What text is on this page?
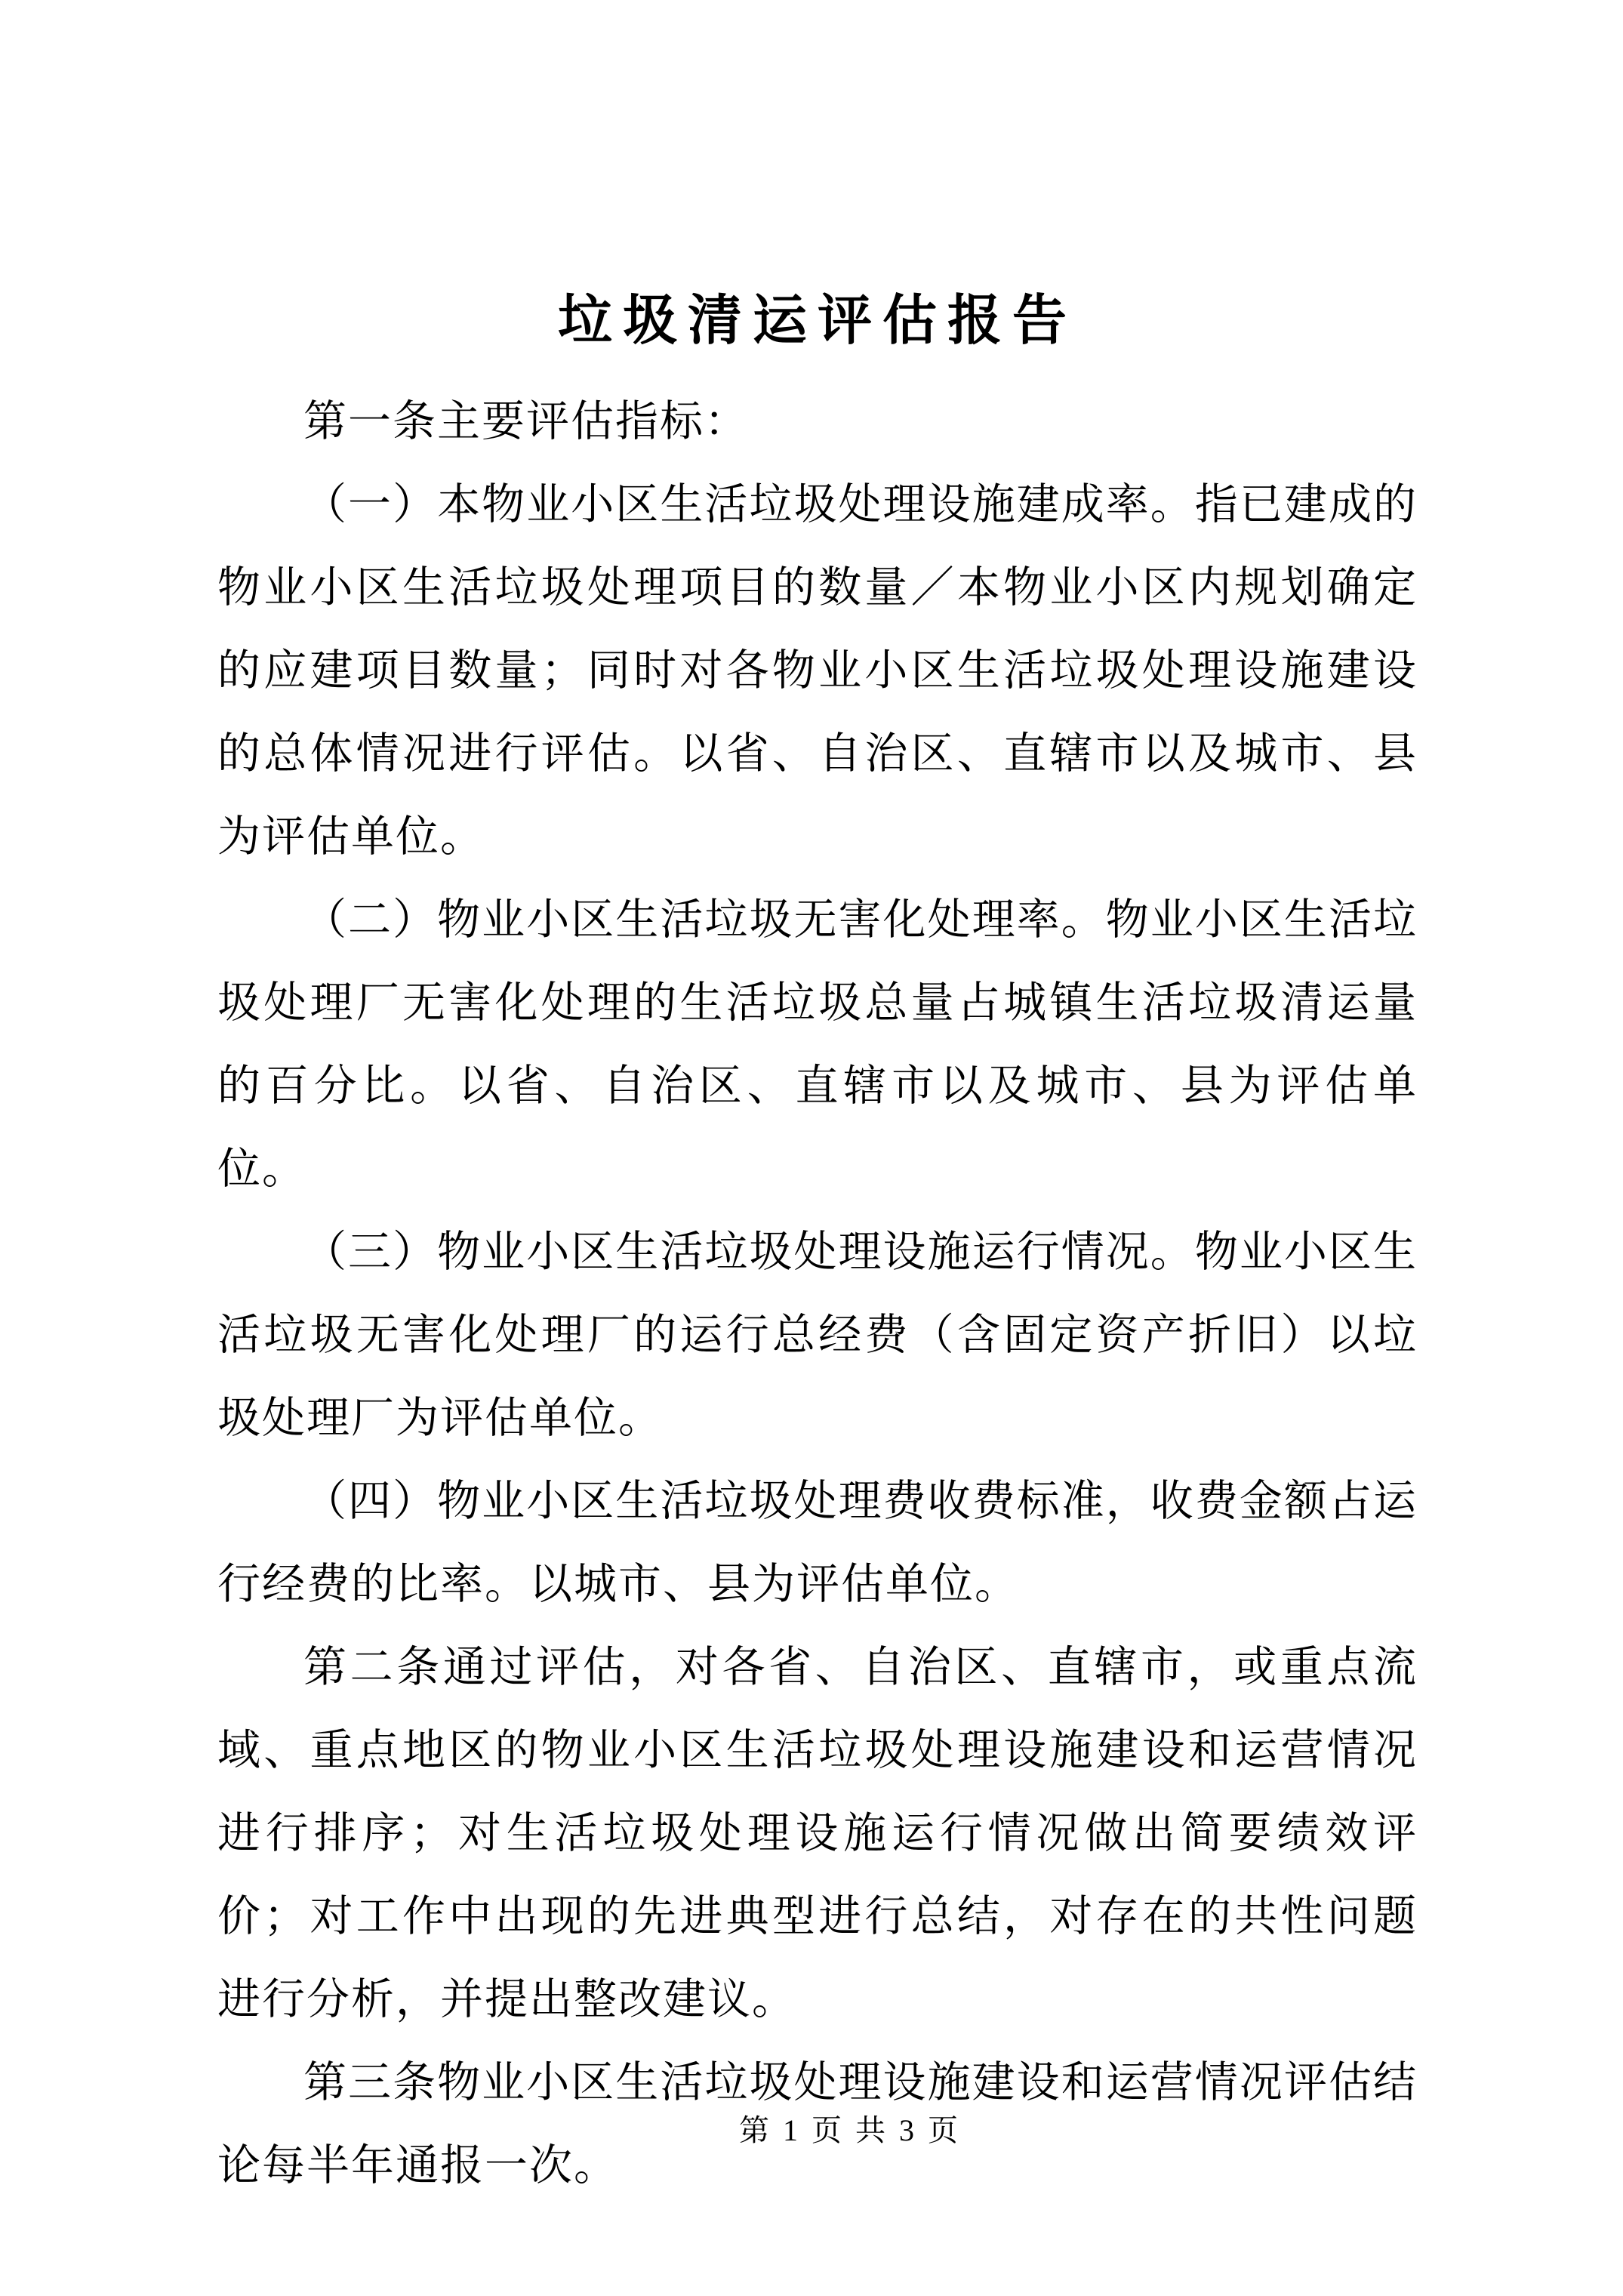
垃圾清运评估报告

第一条主要评估指标：

（一）本物业小区生活垃圾处理设施建成率。指已建成的物业小区生活垃圾处理项目的数量／本物业小区内规划确定的应建项目数量；同时对各物业小区生活垃圾处理设施建设的总体情况进行评估。以省、自治区、直辖市以及城市、县为评估单位。

（二）物业小区生活垃圾无害化处理率。物业小区生活垃圾处理厂无害化处理的生活垃圾总量占城镇生活垃圾清运量的百分比。以省、自治区、直辖市以及城市、县为评估单位。

（三）物业小区生活垃圾处理设施运行情况。物业小区生活垃圾无害化处理厂的运行总经费（含固定资产折旧）以垃圾处理厂为评估单位。

（四）物业小区生活垃圾处理费收费标准，收费金额占运行经费的比率。以城市、县为评估单位。

第二条通过评估，对各省、自治区、直辖市，或重点流域、重点地区的物业小区生活垃圾处理设施建设和运营情况进行排序；对生活垃圾处理设施运行情况做出简要绩效评价；对工作中出现的先进典型进行总结，对存在的共性问题进行分析，并提出整改建议。

第三条物业小区生活垃圾处理设施建设和运营情况评估结论每半年通报一次。

第 1 页 共 3 页
